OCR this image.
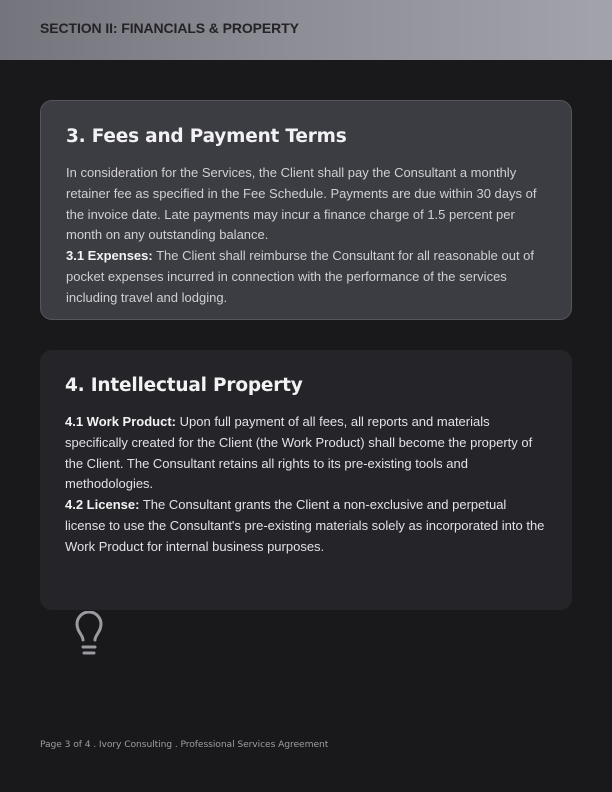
SECTION II: FINANCIALS & PROPERTY
3. Fees and Payment Terms

In consideration for the Services, the Client shall pay the Consultant a monthly retainer fee as specified in the Fee Schedule. Payments are due within 30 days of the invoice date. Late payments may incur a finance charge of 1.5 percent per month on any outstanding balance.

3.1 Expenses: The Client shall reimburse the Consultant for all reasonable out of pocket expenses incurred in connection with the performance of the services including travel and lodging.

4. Intellectual Property

4.1 Work Product: Upon full payment of all fees, all reports and materials specifically created for the Client (the Work Product) shall become the property of the Client. The Consultant retains all rights to its pre-existing tools and methodologies.

4.2 License: The Consultant grants the Client a non-exclusive and perpetual license to use the Consultant's pre-existing materials solely as incorporated into the Work Product for internal business purposes.

Page 3 of 4 . Ivory Consulting . Professional Services Agreement
